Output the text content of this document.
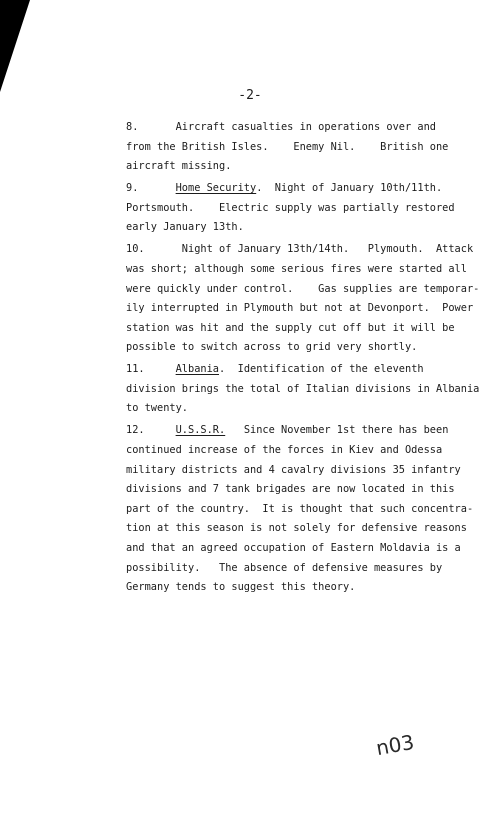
-2-
8.      Aircraft casualties in operations over and
from the British Isles.    Enemy Nil.    British one
aircraft missing.
9.      Home Security.  Night of January 10th/11th.
Portsmouth.    Electric supply was partially restored
early January 13th.
10.      Night of January 13th/14th.   Plymouth.  Attack
was short; although some serious fires were started all
were quickly under control.    Gas supplies are temporar-
ily interrupted in Plymouth but not at Devonport.  Power
station was hit and the supply cut off but it will be
possible to switch across to grid very shortly.
11.     Albania.  Identification of the eleventh
division brings the total of Italian divisions in Albania
to twenty.
12.     U.S.S.R.   Since November 1st there has been
continued increase of the forces in Kiev and Odessa
military districts and 4 cavalry divisions 35 infantry
divisions and 7 tank brigades are now located in this
part of the country.  It is thought that such concentra-
tion at this season is not solely for defensive reasons
and that an agreed occupation of Eastern Moldavia is a
possibility.   The absence of defensive measures by
Germany tends to suggest this theory.
n03
